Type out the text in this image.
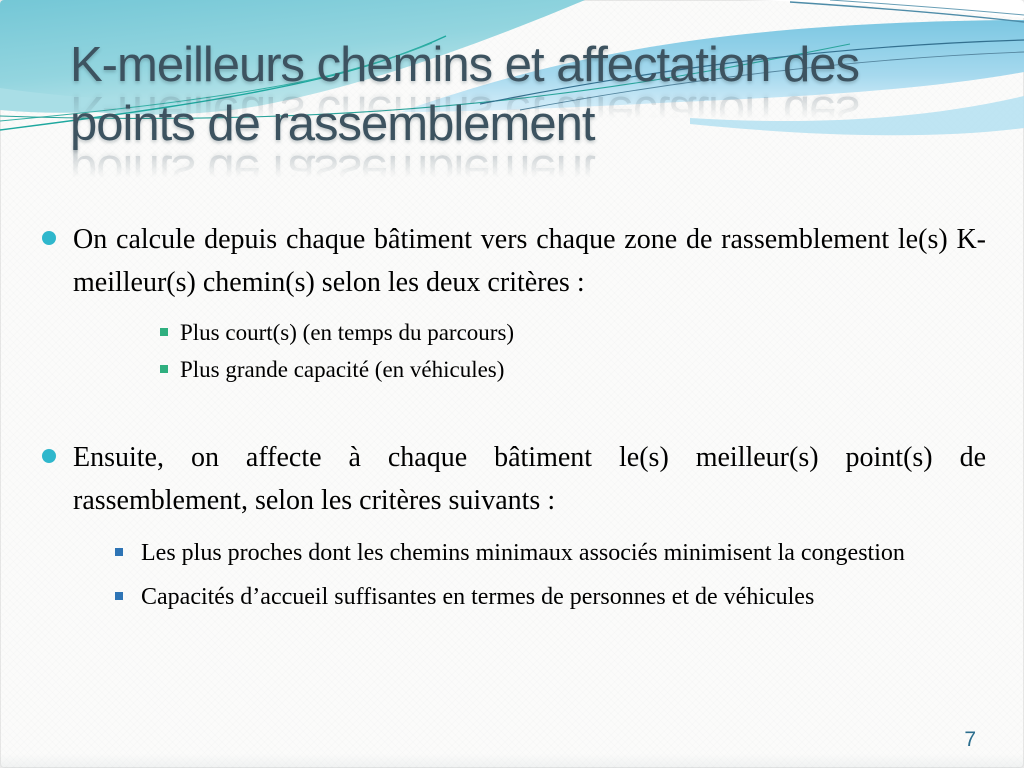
K-meilleurs chemins et affectation des
points de rassemblement

On calcule depuis chaque bâtiment vers chaque zone de rassemblement le(s) K-meilleur(s) chemin(s) selon les deux critères :

Plus court(s) (en temps du parcours)
Plus grande capacité (en véhicules)

Ensuite, on affecte à chaque bâtiment le(s) meilleur(s) point(s) de rassemblement, selon les critères suivants :

Les plus proches dont les chemins minimaux associés minimisent la congestion
Capacités d’accueil suffisantes en termes de personnes et de véhicules
7
